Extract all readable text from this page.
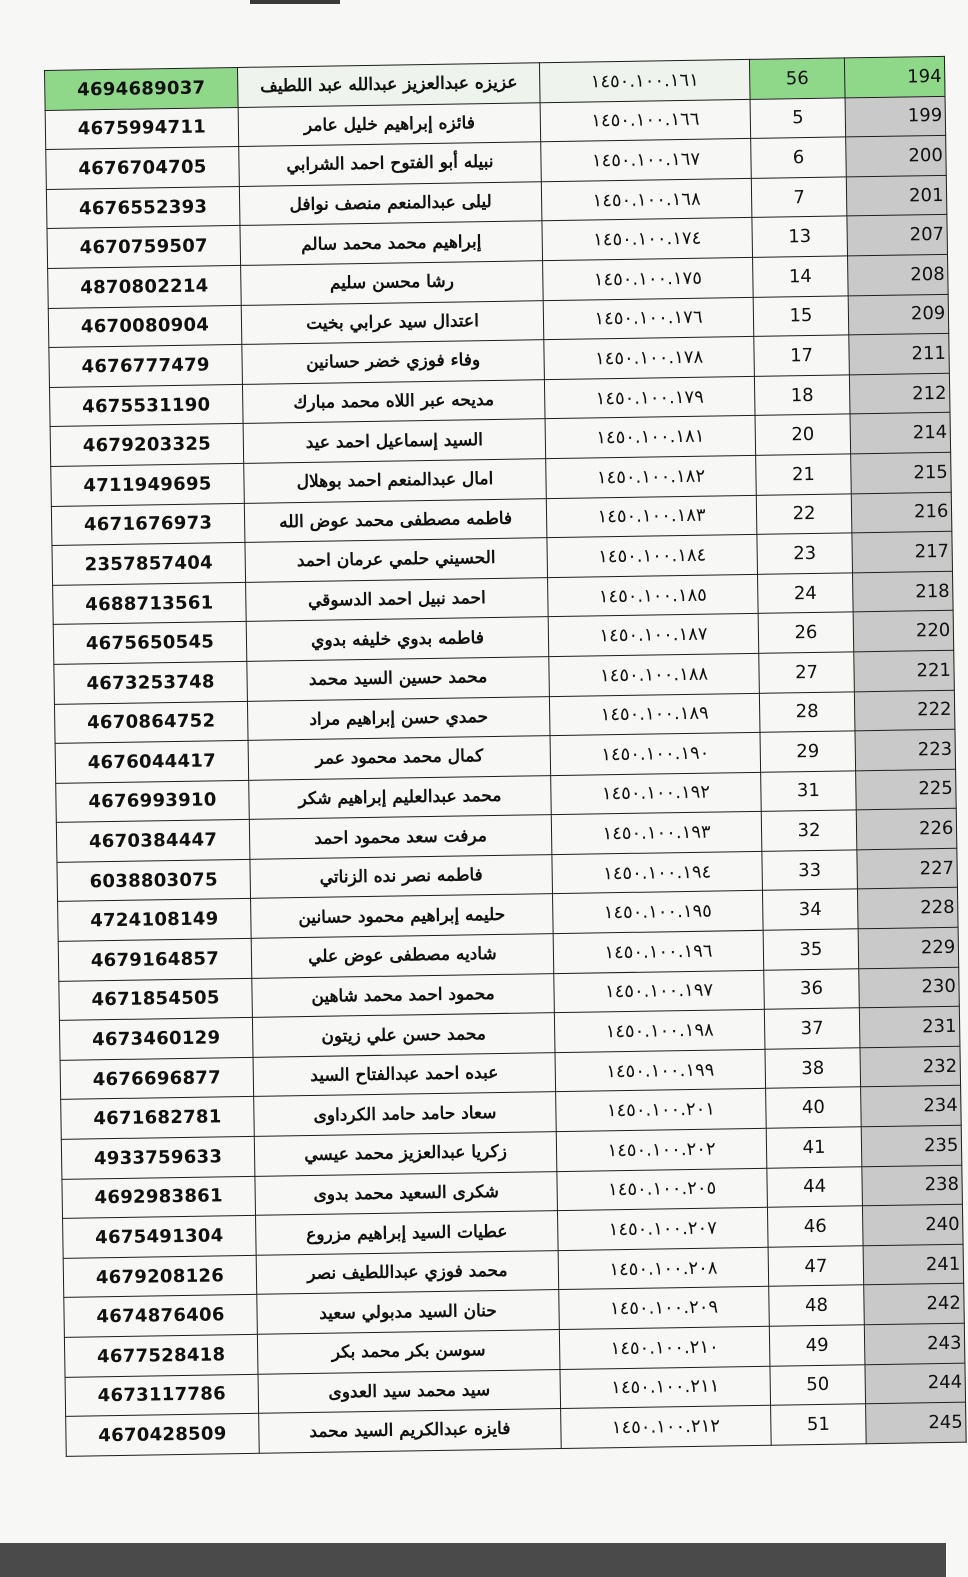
4694689037	عزيزه عبدالعزيز عبدالله عبد اللطيف	١٤٥٠.١٠٠.١٦١	56	194
4675994711	فائزه إبراهيم خليل عامر	١٤٥٠.١٠٠.١٦٦	5	199
4676704705	نبيله أبو الفتوح احمد الشرابي	١٤٥٠.١٠٠.١٦٧	6	200
4676552393	ليلى عبدالمنعم منصف نوافل	١٤٥٠.١٠٠.١٦٨	7	201
4670759507	إبراهيم محمد محمد سالم	١٤٥٠.١٠٠.١٧٤	13	207
4870802214	رشا محسن سليم	١٤٥٠.١٠٠.١٧٥	14	208
4670080904	اعتدال سيد عرابي بخيت	١٤٥٠.١٠٠.١٧٦	15	209
4676777479	وفاء فوزي خضر حسانين	١٤٥٠.١٠٠.١٧٨	17	211
4675531190	مديحه عبر اللاه محمد مبارك	١٤٥٠.١٠٠.١٧٩	18	212
4679203325	السيد إسماعيل احمد عيد	١٤٥٠.١٠٠.١٨١	20	214
4711949695	امال عبدالمنعم احمد بوهلال	١٤٥٠.١٠٠.١٨٢	21	215
4671676973	فاطمه مصطفى محمد عوض الله	١٤٥٠.١٠٠.١٨٣	22	216
2357857404	الحسيني حلمي عرمان احمد	١٤٥٠.١٠٠.١٨٤	23	217
4688713561	احمد نبيل احمد الدسوقي	١٤٥٠.١٠٠.١٨٥	24	218
4675650545	فاطمه بدوي خليفه بدوي	١٤٥٠.١٠٠.١٨٧	26	220
4673253748	محمد حسين السيد محمد	١٤٥٠.١٠٠.١٨٨	27	221
4670864752	حمدي حسن إبراهيم مراد	١٤٥٠.١٠٠.١٨٩	28	222
4676044417	كمال محمد محمود عمر	١٤٥٠.١٠٠.١٩٠	29	223
4676993910	محمد عبدالعليم إبراهيم شكر	١٤٥٠.١٠٠.١٩٢	31	225
4670384447	مرفت سعد محمود احمد	١٤٥٠.١٠٠.١٩٣	32	226
6038803075	فاطمه نصر نده الزناتي	١٤٥٠.١٠٠.١٩٤	33	227
4724108149	حليمه إبراهيم محمود حسانين	١٤٥٠.١٠٠.١٩٥	34	228
4679164857	شاديه مصطفى عوض علي	١٤٥٠.١٠٠.١٩٦	35	229
4671854505	محمود احمد محمد شاهين	١٤٥٠.١٠٠.١٩٧	36	230
4673460129	محمد حسن علي زيتون	١٤٥٠.١٠٠.١٩٨	37	231
4676696877	عبده احمد عبدالفتاح السيد	١٤٥٠.١٠٠.١٩٩	38	232
4671682781	سعاد حامد حامد الكرداوى	١٤٥٠.١٠٠.٢٠١	40	234
4933759633	زكريا عبدالعزيز محمد عيسي	١٤٥٠.١٠٠.٢٠٢	41	235
4692983861	شكرى السعيد محمد بدوى	١٤٥٠.١٠٠.٢٠٥	44	238
4675491304	عطيات السيد إبراهيم مزروع	١٤٥٠.١٠٠.٢٠٧	46	240
4679208126	محمد فوزي عبداللطيف نصر	١٤٥٠.١٠٠.٢٠٨	47	241
4674876406	حنان السيد مدبولي سعيد	١٤٥٠.١٠٠.٢٠٩	48	242
4677528418	سوسن بكر محمد بكر	١٤٥٠.١٠٠.٢١٠	49	243
4673117786	سيد محمد سيد العدوى	١٤٥٠.١٠٠.٢١١	50	244
4670428509	فايزه عبدالكريم السيد محمد	١٤٥٠.١٠٠.٢١٢	51	245
